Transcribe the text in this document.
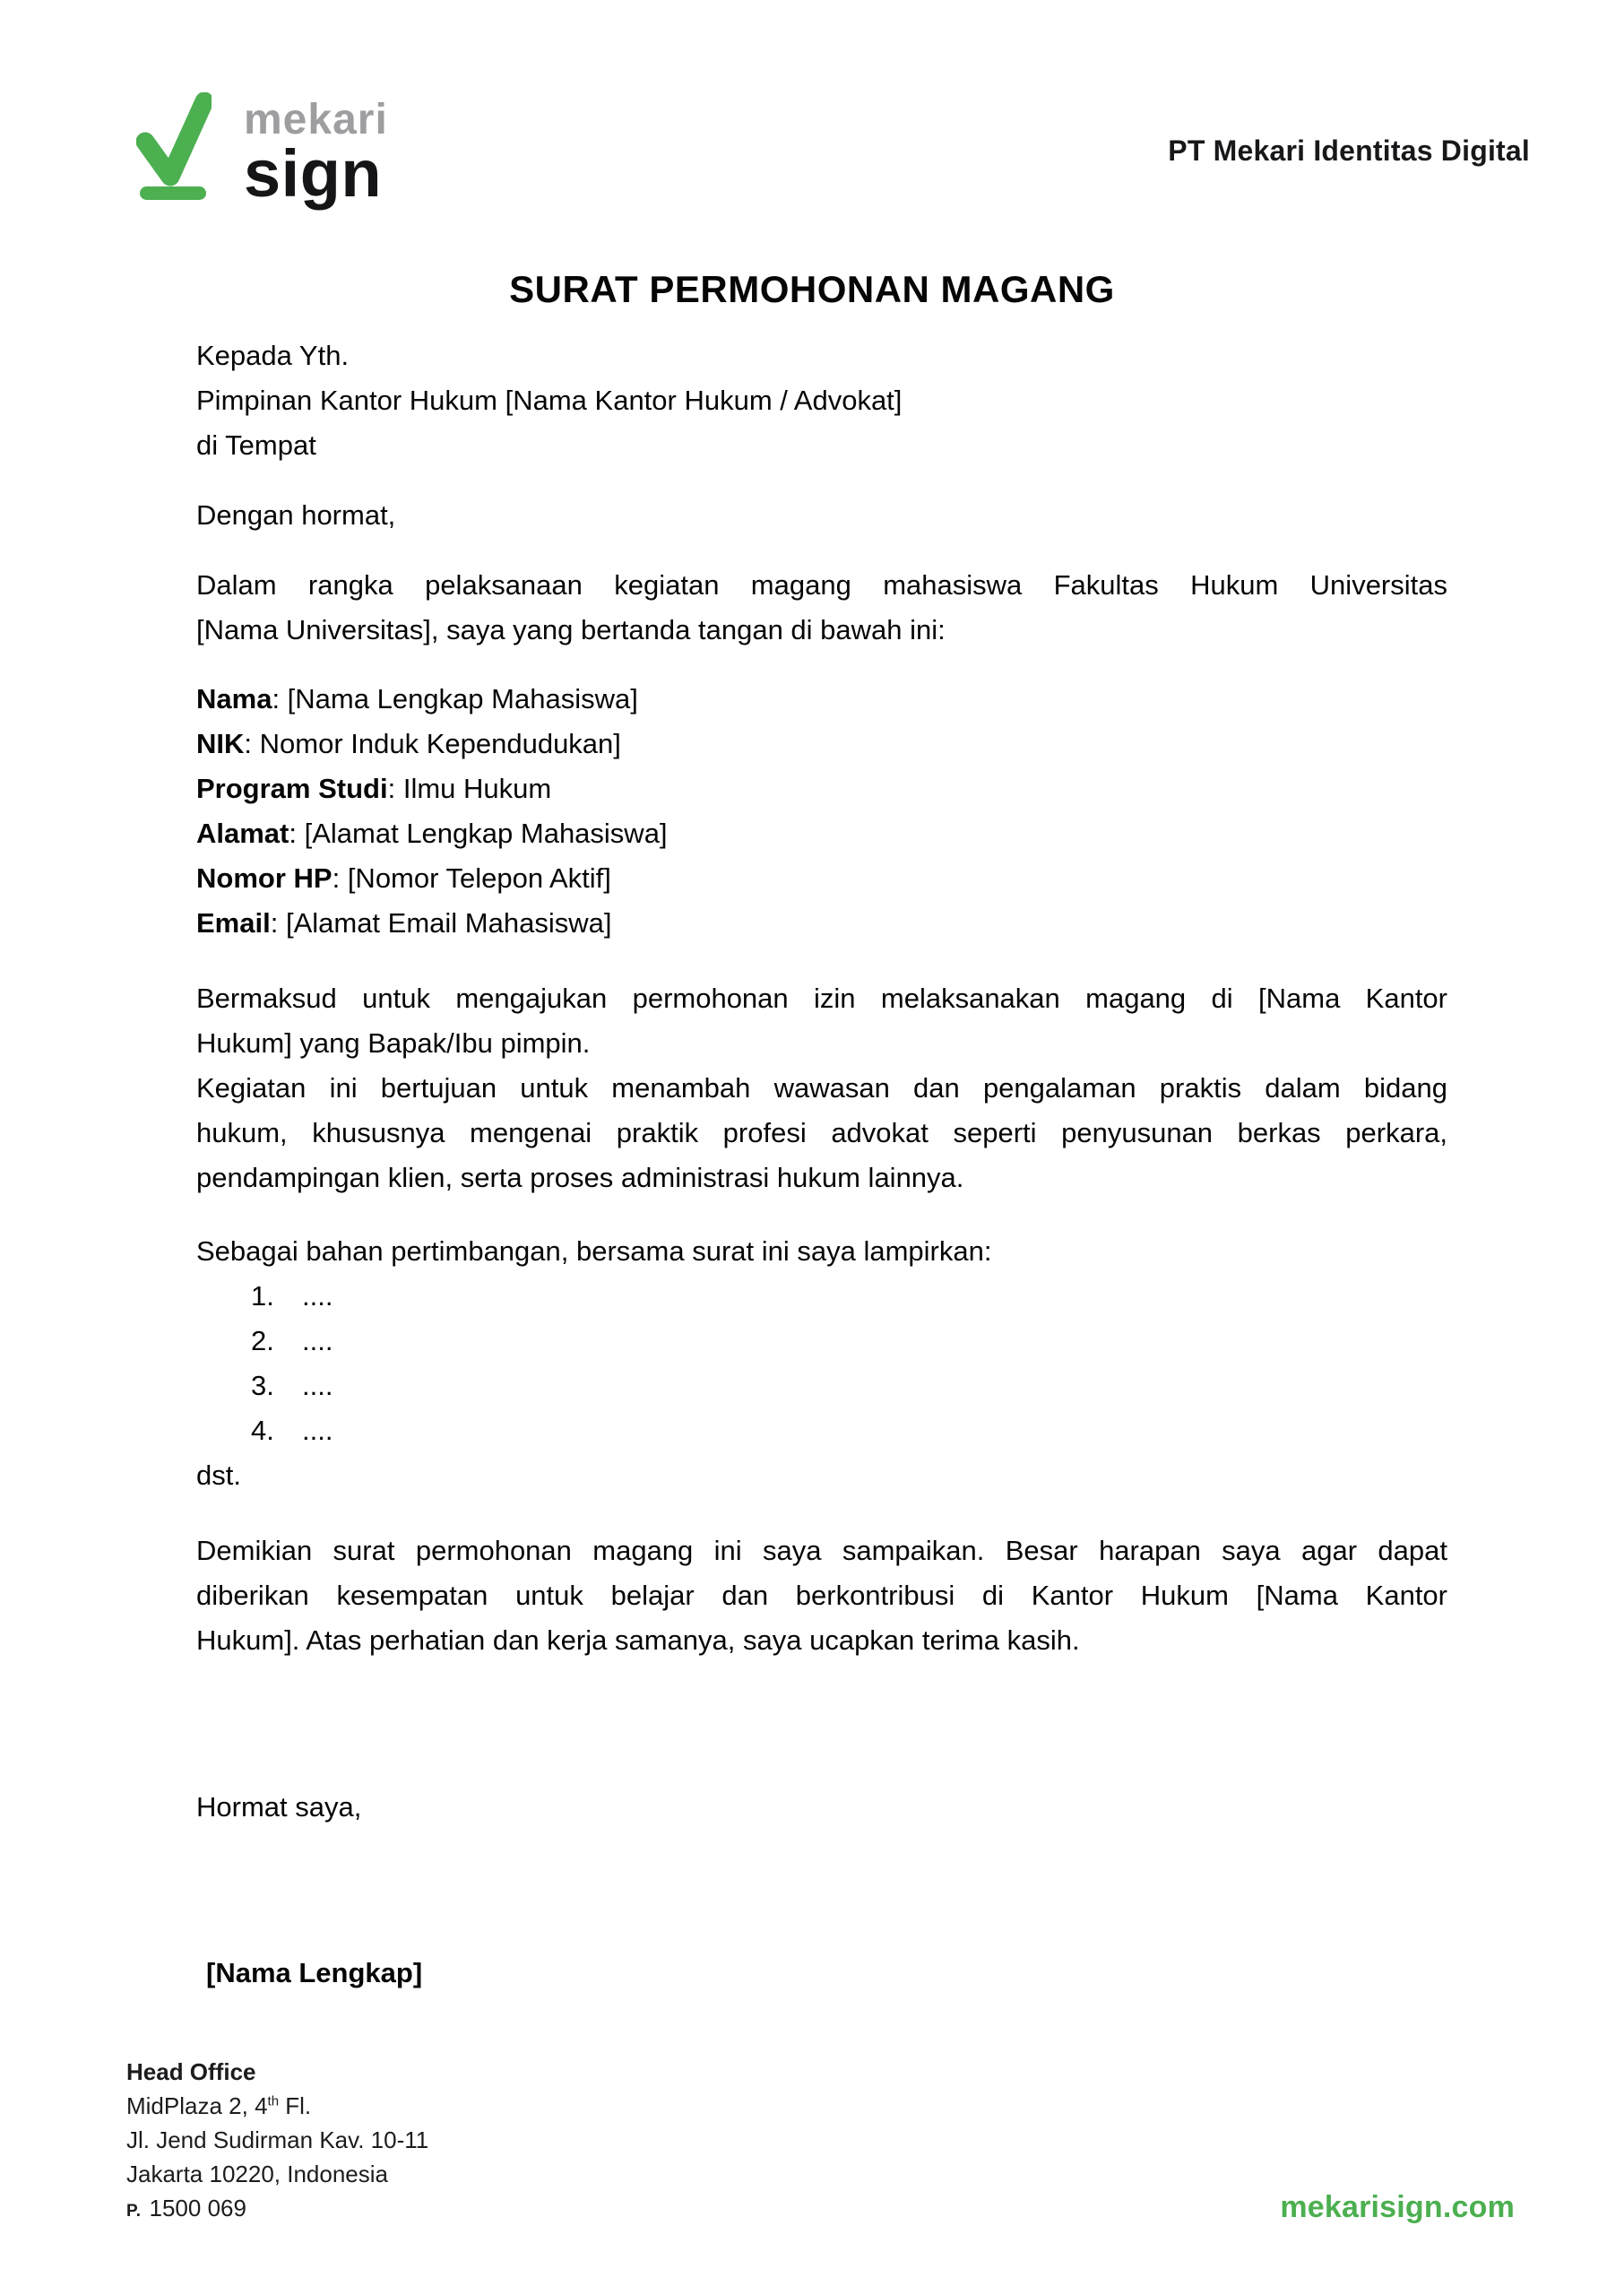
mekari
sign	PT Mekari Identitas Digital
SURAT PERMOHONAN MAGANG
Kepada Yth.
Pimpinan Kantor Hukum [Nama Kantor Hukum / Advokat]
di Tempat
Dengan hormat,
Dalam rangka pelaksanaan kegiatan magang mahasiswa Fakultas Hukum Universitas
[Nama Universitas], saya yang bertanda tangan di bawah ini:
Nama: [Nama Lengkap Mahasiswa]
NIK: Nomor Induk Kependudukan]
Program Studi: Ilmu Hukum
Alamat: [Alamat Lengkap Mahasiswa]
Nomor HP: [Nomor Telepon Aktif]
Email: [Alamat Email Mahasiswa]
Bermaksud untuk mengajukan permohonan izin melaksanakan magang di [Nama Kantor
Hukum] yang Bapak/Ibu pimpin.
Kegiatan ini bertujuan untuk menambah wawasan dan pengalaman praktis dalam bidang
hukum, khususnya mengenai praktik profesi advokat seperti penyusunan berkas perkara,
pendampingan klien, serta proses administrasi hukum lainnya.
Sebagai bahan pertimbangan, bersama surat ini saya lampirkan:
1.	....
2.	....
3.	....
4.	....
dst.
Demikian surat permohonan magang ini saya sampaikan. Besar harapan saya agar dapat
diberikan kesempatan untuk belajar dan berkontribusi di Kantor Hukum [Nama Kantor
Hukum]. Atas perhatian dan kerja samanya, saya ucapkan terima kasih.
Hormat saya,
[Nama Lengkap]
Head Office
MidPlaza 2, 4th Fl.
Jl. Jend Sudirman Kav. 10-11
Jakarta 10220, Indonesia
P. 1500 069	mekarisign.com
